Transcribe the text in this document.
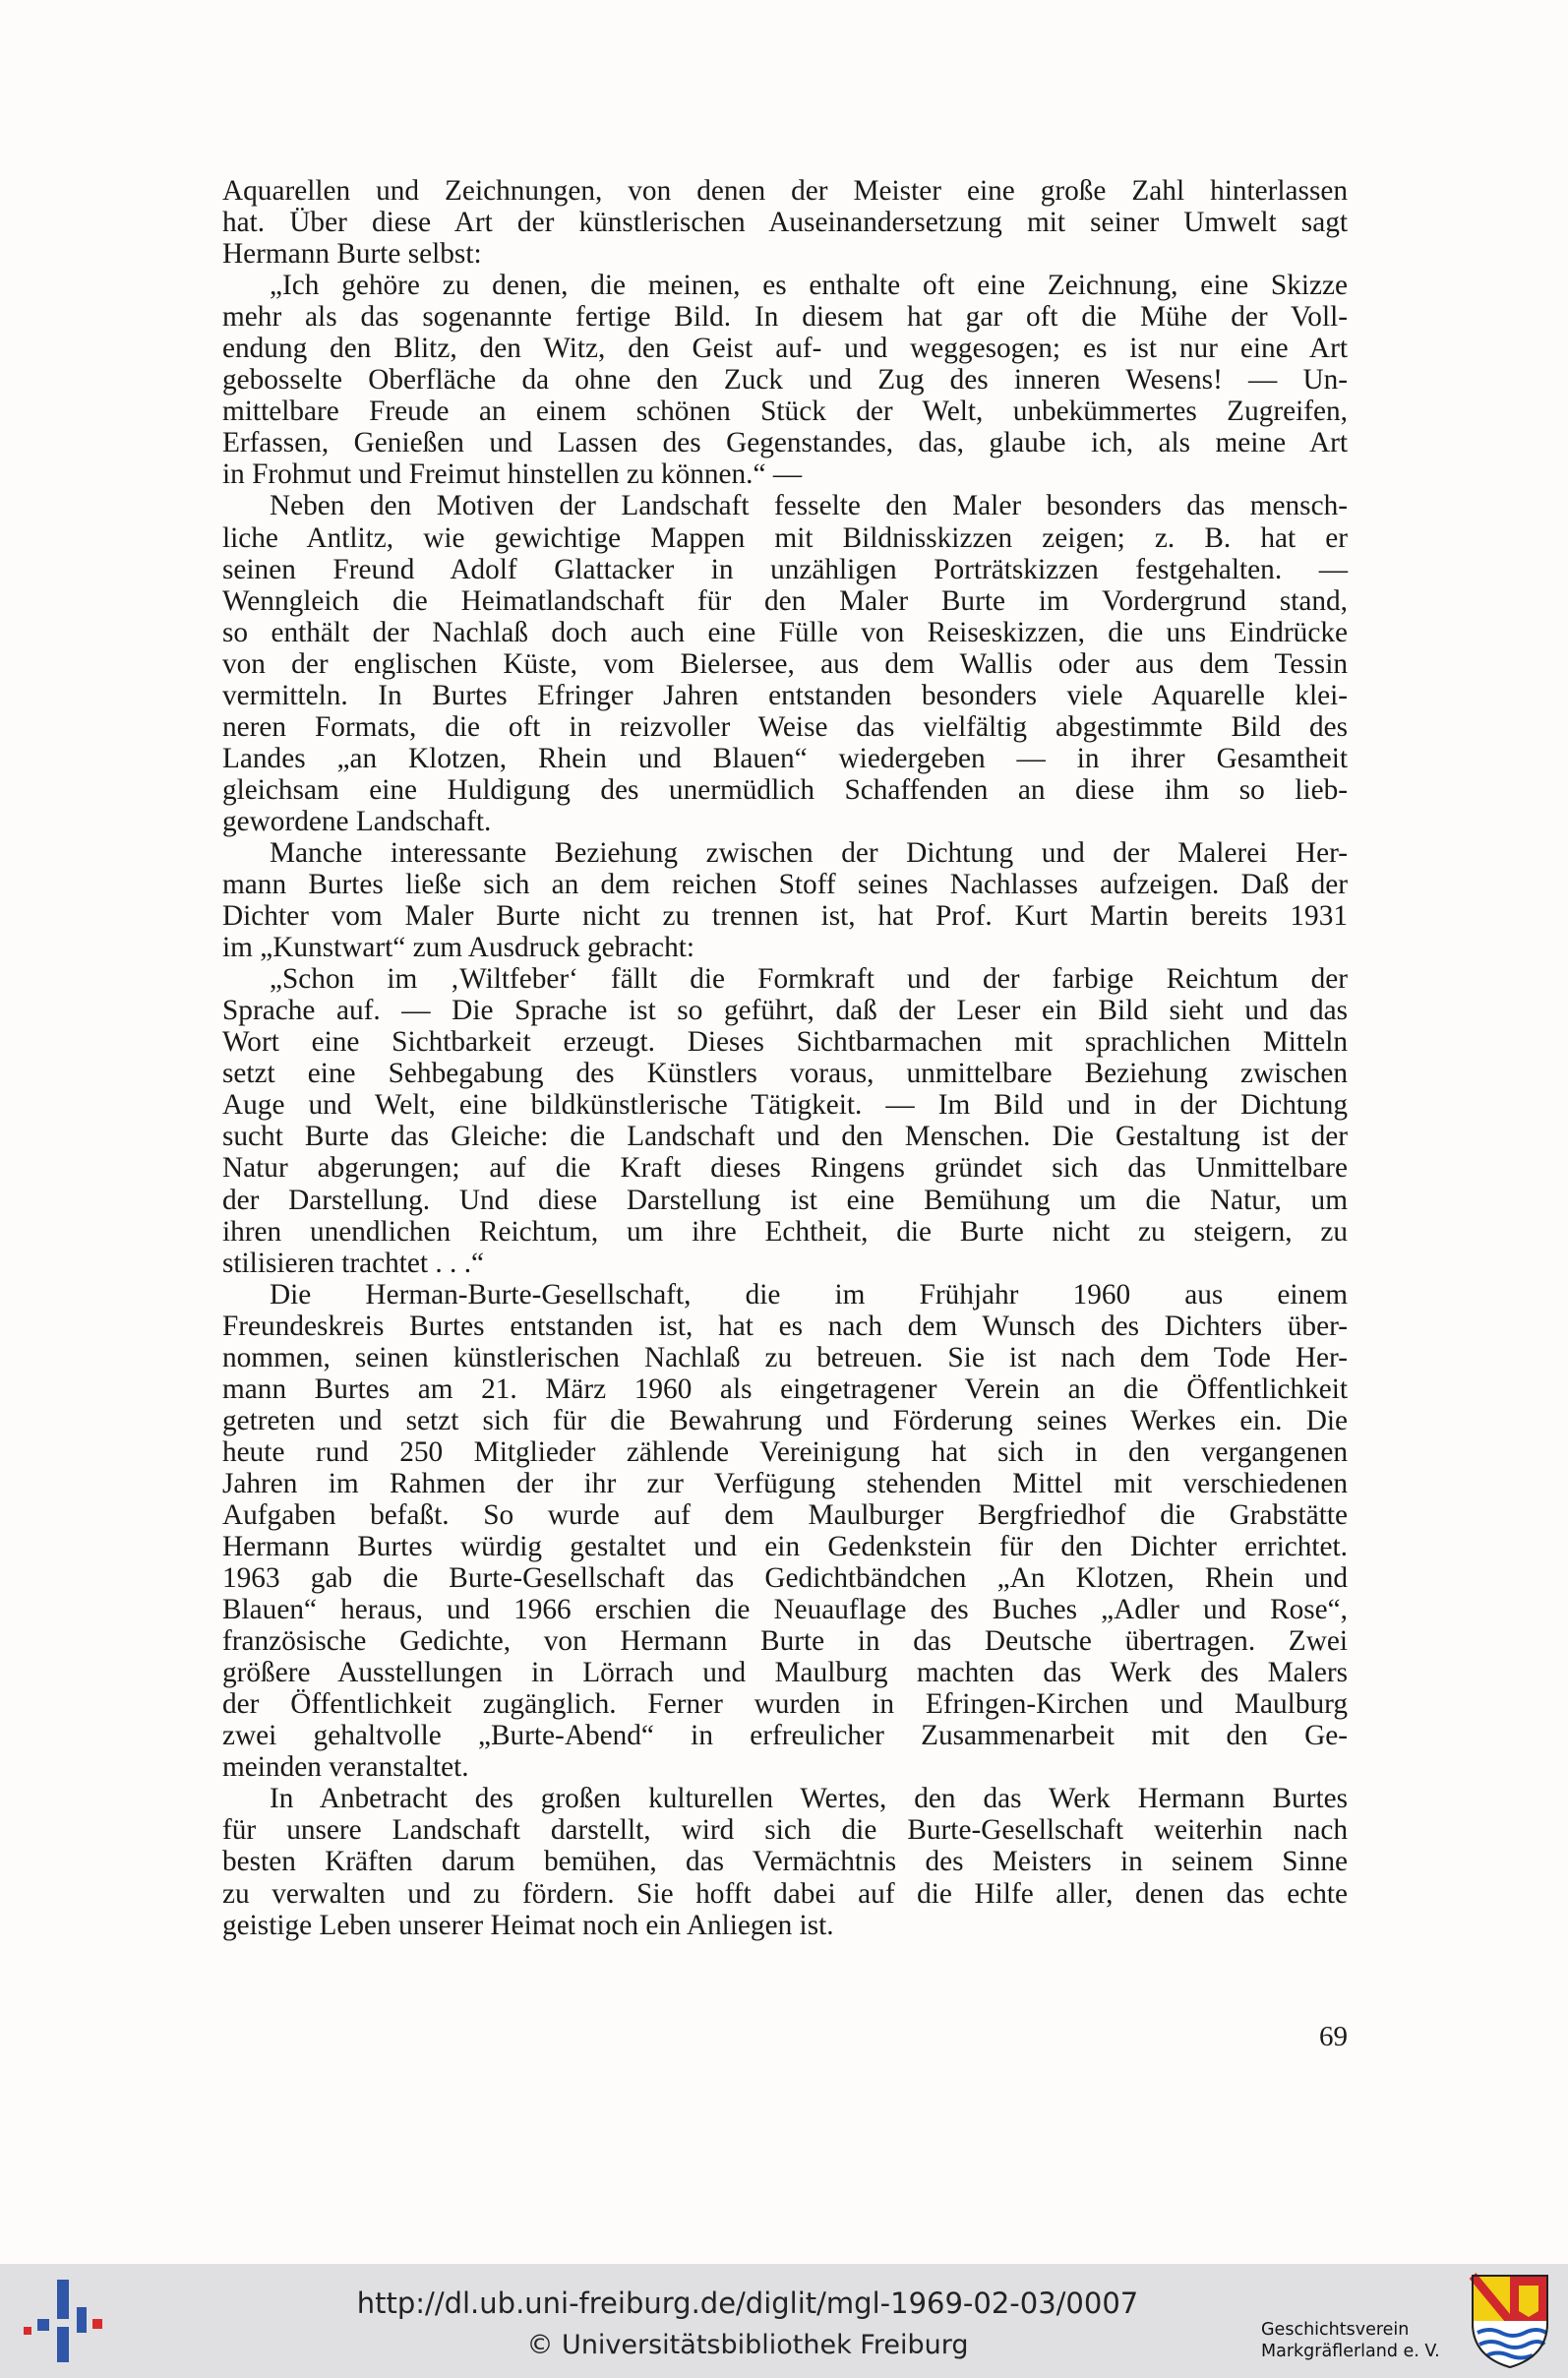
Aquarellen und Zeichnungen, von denen der Meister eine große Zahl hinterlassen
hat. Über diese Art der künstlerischen Auseinandersetzung mit seiner Umwelt sagt
Hermann Burte selbst:
„Ich gehöre zu denen, die meinen, es enthalte oft eine Zeichnung, eine Skizze
mehr als das sogenannte fertige Bild. In diesem hat gar oft die Mühe der Voll-
endung den Blitz, den Witz, den Geist auf- und weggesogen; es ist nur eine Art
gebosselte Oberfläche da ohne den Zuck und Zug des inneren Wesens! — Un-
mittelbare Freude an einem schönen Stück der Welt, unbekümmertes Zugreifen,
Erfassen, Genießen und Lassen des Gegenstandes, das, glaube ich, als meine Art
in Frohmut und Freimut hinstellen zu können.“ —
Neben den Motiven der Landschaft fesselte den Maler besonders das mensch-
liche Antlitz, wie gewichtige Mappen mit Bildnisskizzen zeigen; z. B. hat er
seinen Freund Adolf Glattacker in unzähligen Porträtskizzen festgehalten. —
Wenngleich die Heimatlandschaft für den Maler Burte im Vordergrund stand,
so enthält der Nachlaß doch auch eine Fülle von Reiseskizzen, die uns Eindrücke
von der englischen Küste, vom Bielersee, aus dem Wallis oder aus dem Tessin
vermitteln. In Burtes Efringer Jahren entstanden besonders viele Aquarelle klei-
neren Formats, die oft in reizvoller Weise das vielfältig abgestimmte Bild des
Landes „an Klotzen, Rhein und Blauen“ wiedergeben — in ihrer Gesamtheit
gleichsam eine Huldigung des unermüdlich Schaffenden an diese ihm so lieb-
gewordene Landschaft.
Manche interessante Beziehung zwischen der Dichtung und der Malerei Her-
mann Burtes ließe sich an dem reichen Stoff seines Nachlasses aufzeigen. Daß der
Dichter vom Maler Burte nicht zu trennen ist, hat Prof. Kurt Martin bereits 1931
im „Kunstwart“ zum Ausdruck gebracht:
„Schon im ‚Wiltfeber‘ fällt die Formkraft und der farbige Reichtum der
Sprache auf. — Die Sprache ist so geführt, daß der Leser ein Bild sieht und das
Wort eine Sichtbarkeit erzeugt. Dieses Sichtbarmachen mit sprachlichen Mitteln
setzt eine Sehbegabung des Künstlers voraus, unmittelbare Beziehung zwischen
Auge und Welt, eine bildkünstlerische Tätigkeit. — Im Bild und in der Dichtung
sucht Burte das Gleiche: die Landschaft und den Menschen. Die Gestaltung ist der
Natur abgerungen; auf die Kraft dieses Ringens gründet sich das Unmittelbare
der Darstellung. Und diese Darstellung ist eine Bemühung um die Natur, um
ihren unendlichen Reichtum, um ihre Echtheit, die Burte nicht zu steigern, zu
stilisieren trachtet . . .“
Die Herman-Burte-Gesellschaft, die im Frühjahr 1960 aus einem
Freundeskreis Burtes entstanden ist, hat es nach dem Wunsch des Dichters über-
nommen, seinen künstlerischen Nachlaß zu betreuen. Sie ist nach dem Tode Her-
mann Burtes am 21. März 1960 als eingetragener Verein an die Öffentlichkeit
getreten und setzt sich für die Bewahrung und Förderung seines Werkes ein. Die
heute rund 250 Mitglieder zählende Vereinigung hat sich in den vergangenen
Jahren im Rahmen der ihr zur Verfügung stehenden Mittel mit verschiedenen
Aufgaben befaßt. So wurde auf dem Maulburger Bergfriedhof die Grabstätte
Hermann Burtes würdig gestaltet und ein Gedenkstein für den Dichter errichtet.
1963 gab die Burte-Gesellschaft das Gedichtbändchen „An Klotzen, Rhein und
Blauen“ heraus, und 1966 erschien die Neuauflage des Buches „Adler und Rose“,
französische Gedichte, von Hermann Burte in das Deutsche übertragen. Zwei
größere Ausstellungen in Lörrach und Maulburg machten das Werk des Malers
der Öffentlichkeit zugänglich. Ferner wurden in Efringen-Kirchen und Maulburg
zwei gehaltvolle „Burte-Abend“ in erfreulicher Zusammenarbeit mit den Ge-
meinden veranstaltet.
In Anbetracht des großen kulturellen Wertes, den das Werk Hermann Burtes
für unsere Landschaft darstellt, wird sich die Burte-Gesellschaft weiterhin nach
besten Kräften darum bemühen, das Vermächtnis des Meisters in seinem Sinne
zu verwalten und zu fördern. Sie hofft dabei auf die Hilfe aller, denen das echte
geistige Leben unserer Heimat noch ein Anliegen ist.
69
http://dl.ub.uni-freiburg.de/diglit/mgl-1969-02-03/0007
© Universitätsbibliothek Freiburg	Geschichtsverein
Markgräflerland e. V.
